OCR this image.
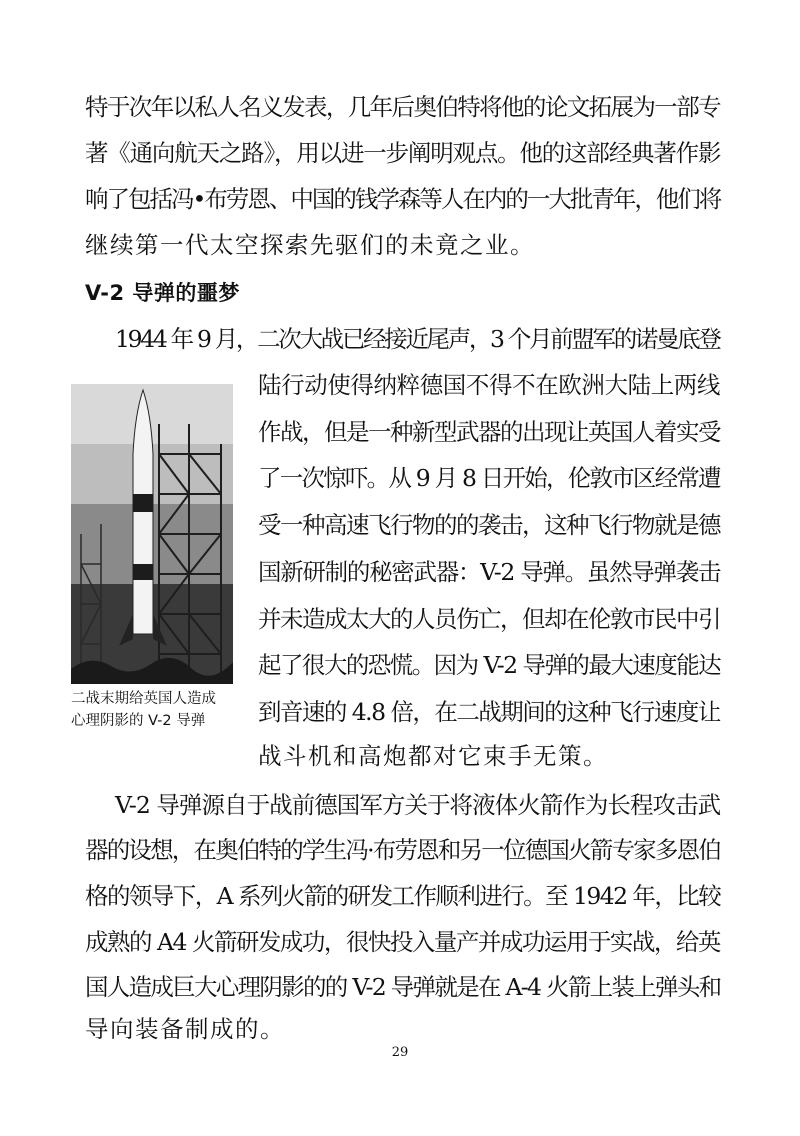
特于次年以私人名义发表，几年后奥伯特将他的论文拓展为一部专
著《通向航天之路》，用以进一步阐明观点。他的这部经典著作影
响了包括冯•布劳恩、中国的钱学森等人在内的一大批青年，他们将
继续第一代太空探索先驱们的未竟之业。
V-2 导弹的噩梦
1944 年 9 月，二次大战已经接近尾声，3 个月前盟军的诺曼底登
陆行动使得纳粹德国不得不在欧洲大陆上两线
作战，但是一种新型武器的出现让英国人着实受
了一次惊吓。从 9 月 8 日开始，伦敦市区经常遭
受一种高速飞行物的的袭击，这种飞行物就是德
国新研制的秘密武器：V-2 导弹。虽然导弹袭击
并未造成太大的人员伤亡，但却在伦敦市民中引
起了很大的恐慌。因为 V-2 导弹的最大速度能达
到音速的 4.8 倍，在二战期间的这种飞行速度让
战斗机和高炮都对它束手无策。
二战末期给英国人造成
心理阴影的 V-2 导弹
V-2 导弹源自于战前德国军方关于将液体火箭作为长程攻击武
器的设想，在奥伯特的学生冯·布劳恩和另一位德国火箭专家多恩伯
格的领导下，A 系列火箭的研发工作顺利进行。至 1942 年，比较
成熟的 A4 火箭研发成功，很快投入量产并成功运用于实战，给英
国人造成巨大心理阴影的的 V-2 导弹就是在 A-4 火箭上装上弹头和
导向装备制成的。
29
